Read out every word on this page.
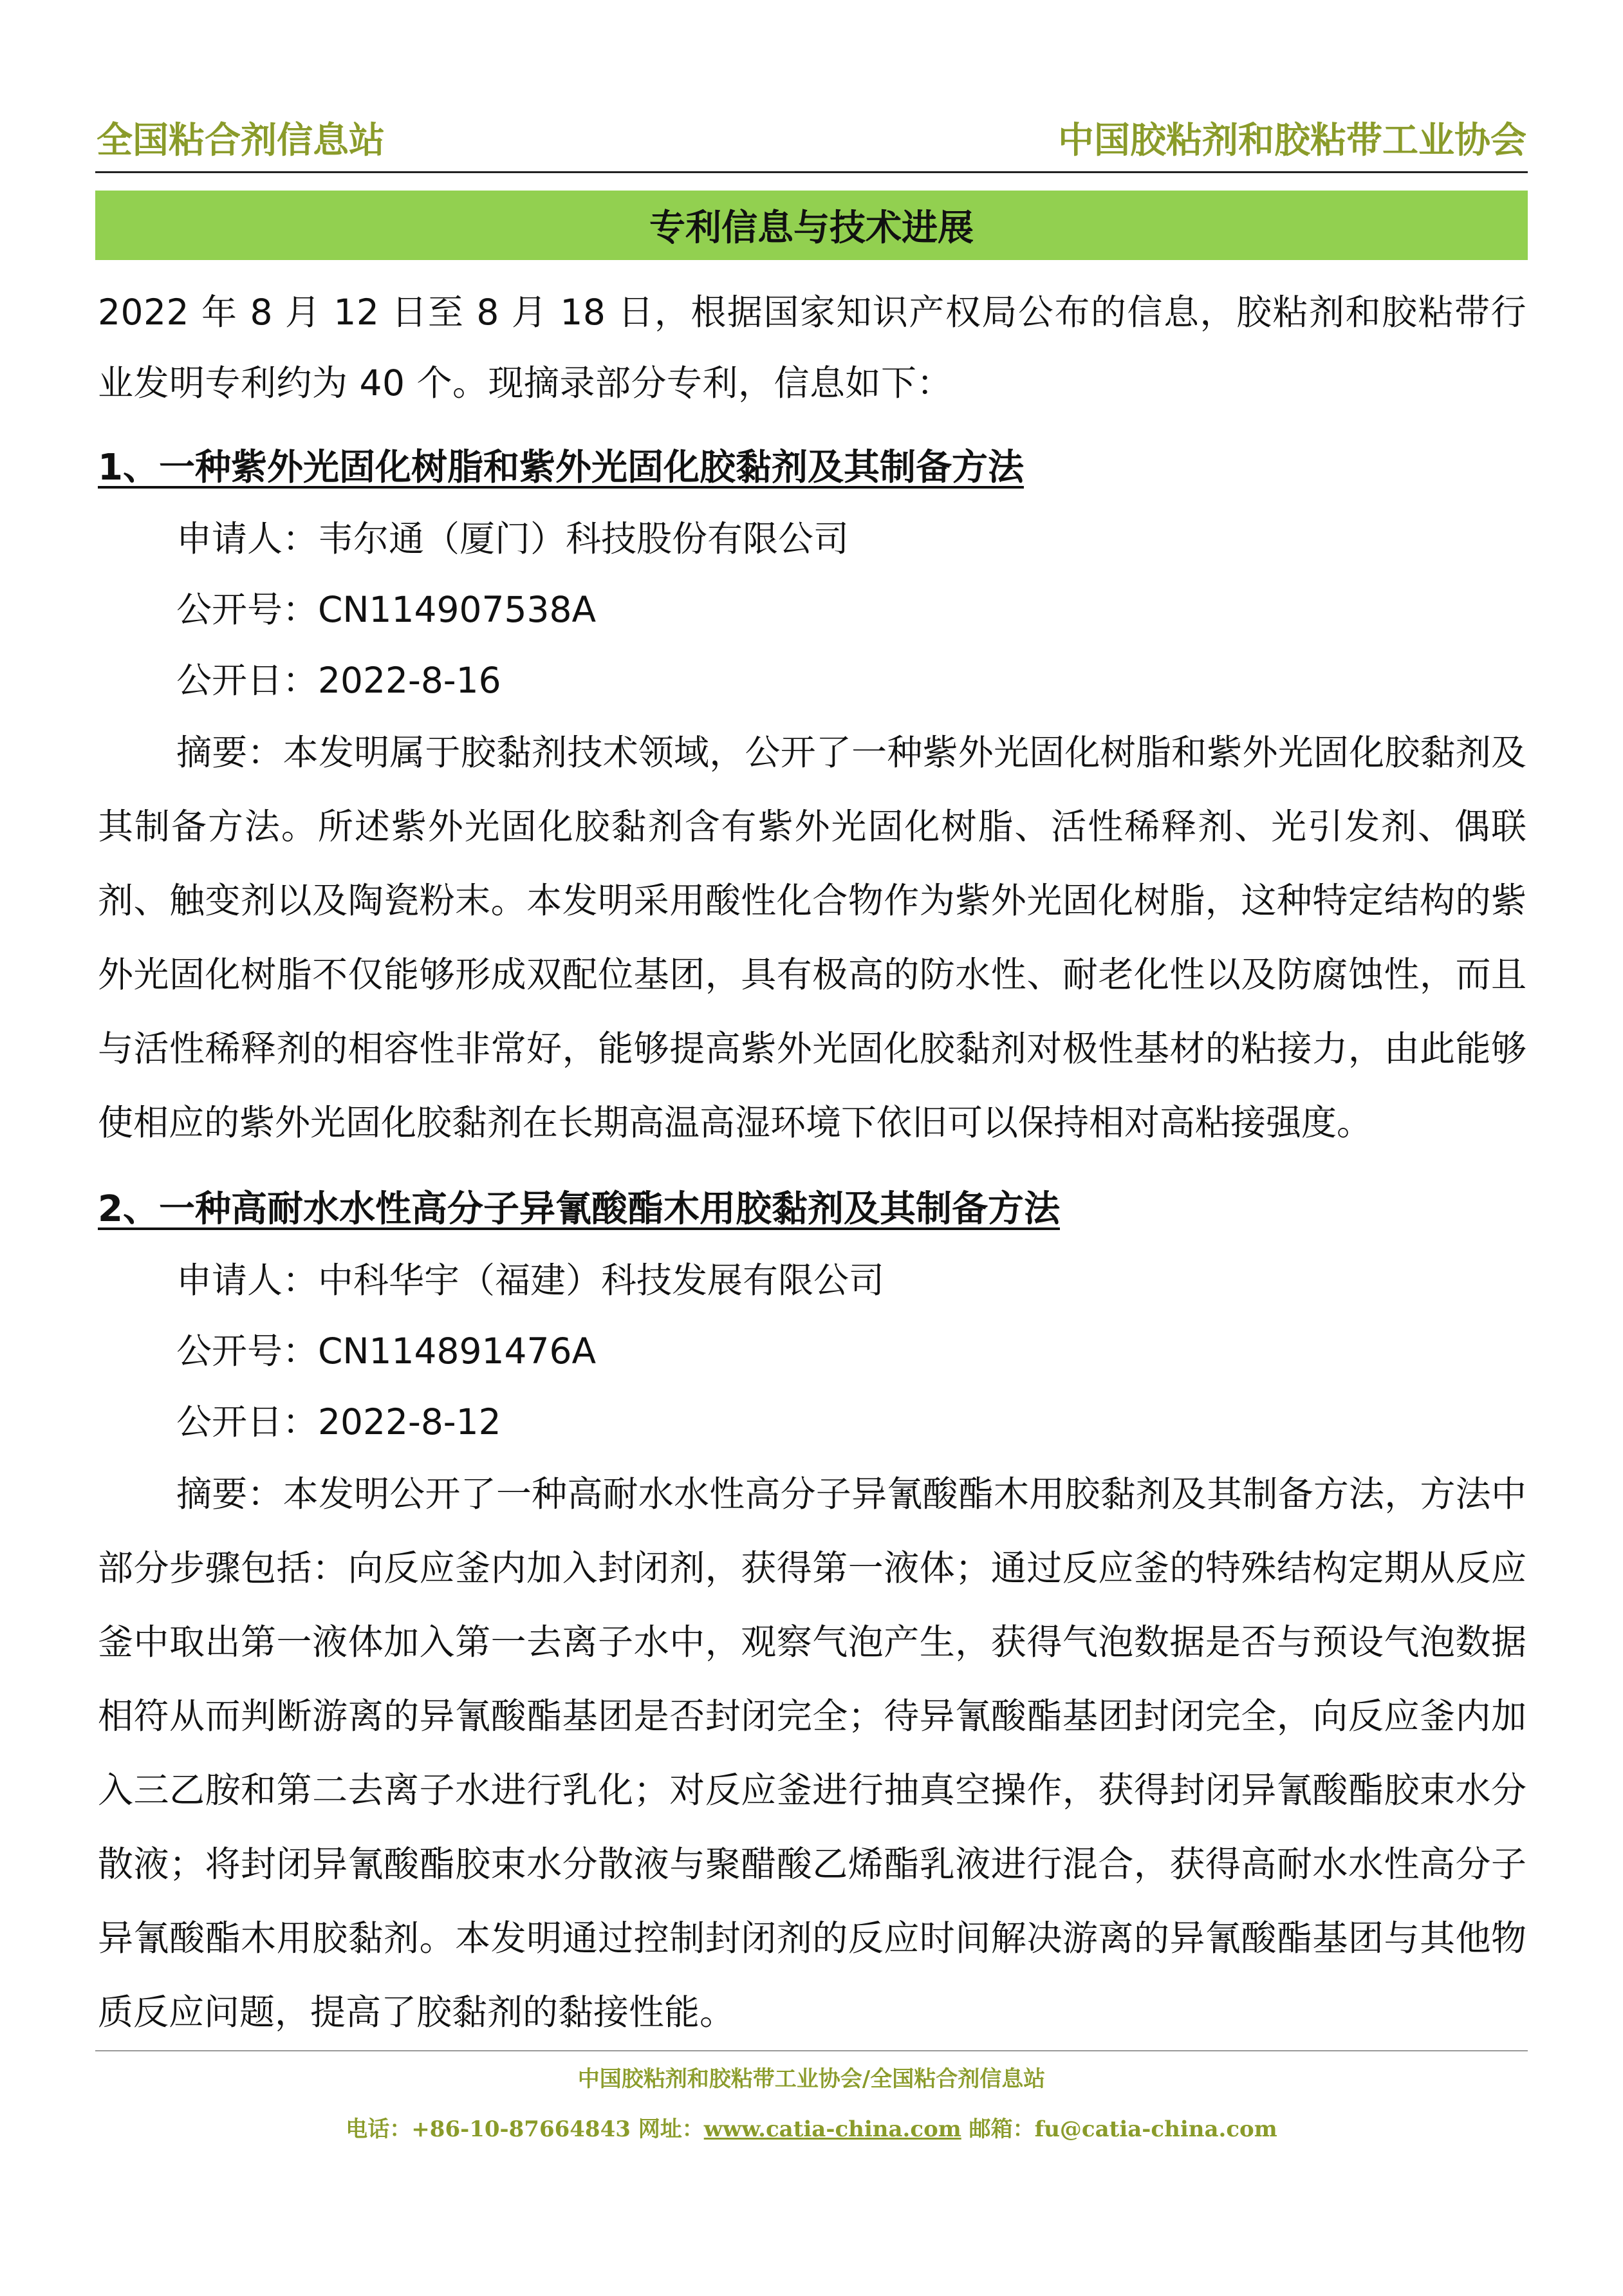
全国粘合剂信息站	中国胶粘剂和胶粘带工业协会
专利信息与技术进展

2022 年 8 月 12 日至 8 月 18 日，根据国家知识产权局公布的信息，胶粘剂和胶粘带行业发明专利约为 40 个。现摘录部分专利，信息如下：

1、一种紫外光固化树脂和紫外光固化胶黏剂及其制备方法

申请人：韦尔通（厦门）科技股份有限公司

公开号：CN114907538A

公开日：2022-8-16

摘要：本发明属于胶黏剂技术领域，公开了一种紫外光固化树脂和紫外光固化胶黏剂及其制备方法。所述紫外光固化胶黏剂含有紫外光固化树脂、活性稀释剂、光引发剂、偶联剂、触变剂以及陶瓷粉末。本发明采用酸性化合物作为紫外光固化树脂，这种特定结构的紫外光固化树脂不仅能够形成双配位基团，具有极高的防水性、耐老化性以及防腐蚀性，而且与活性稀释剂的相容性非常好，能够提高紫外光固化胶黏剂对极性基材的粘接力，由此能够使相应的紫外光固化胶黏剂在长期高温高湿环境下依旧可以保持相对高粘接强度。

2、一种高耐水水性高分子异氰酸酯木用胶黏剂及其制备方法

申请人：中科华宇（福建）科技发展有限公司

公开号：CN114891476A

公开日：2022-8-12

摘要：本发明公开了一种高耐水水性高分子异氰酸酯木用胶黏剂及其制备方法，方法中部分步骤包括：向反应釜内加入封闭剂，获得第一液体；通过反应釜的特殊结构定期从反应釜中取出第一液体加入第一去离子水中，观察气泡产生，获得气泡数据是否与预设气泡数据相符从而判断游离的异氰酸酯基团是否封闭完全；待异氰酸酯基团封闭完全，向反应釜内加入三乙胺和第二去离子水进行乳化；对反应釜进行抽真空操作，获得封闭异氰酸酯胶束水分散液；将封闭异氰酸酯胶束水分散液与聚醋酸乙烯酯乳液进行混合，获得高耐水水性高分子异氰酸酯木用胶黏剂。本发明通过控制封闭剂的反应时间解决游离的异氰酸酯基团与其他物质反应问题，提高了胶黏剂的黏接性能。

中国胶粘剂和胶粘带工业协会/全国粘合剂信息站
电话：+86-10-87664843 网址：www.catia-china.com 邮箱：fu@catia-china.com
